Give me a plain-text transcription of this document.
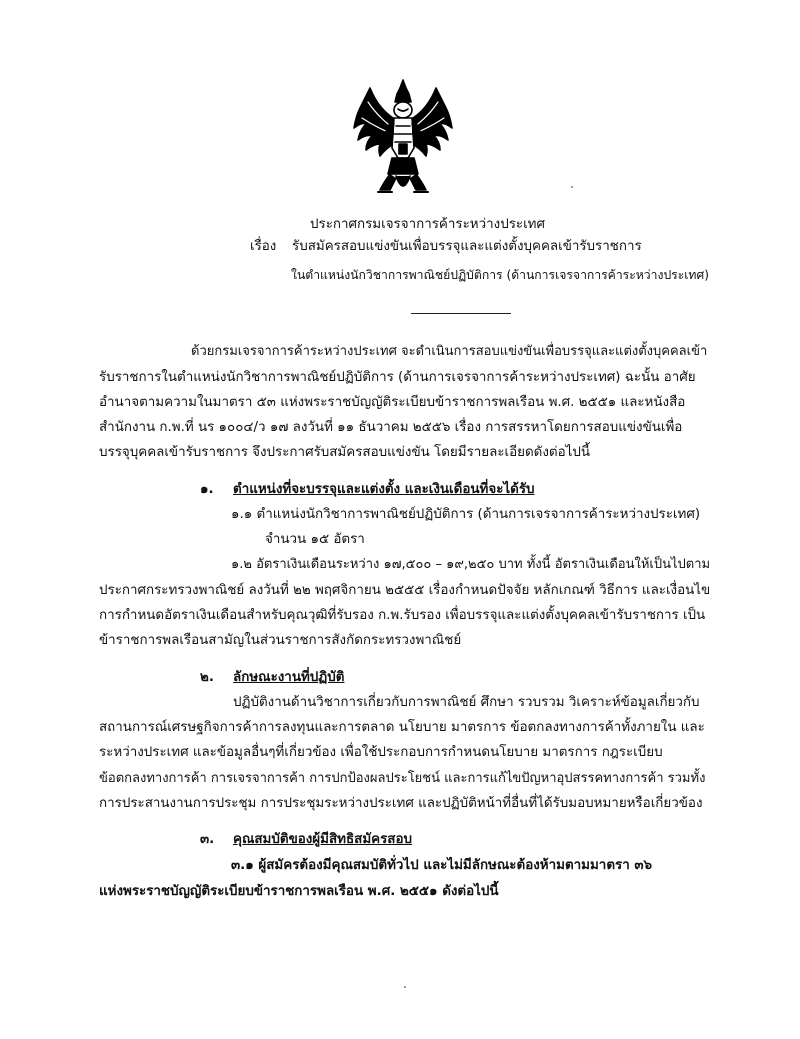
ประกาศกรมเจรจาการค้าระหว่างประเทศ
เรื่อง รับสมัครสอบแข่งขันเพื่อบรรจุและแต่งตั้งบุคคลเข้ารับราชการ
ในตำแหน่งนักวิชาการพาณิชย์ปฏิบัติการ (ด้านการเจรจาการค้าระหว่างประเทศ)
ด้วยกรมเจรจาการค้าระหว่างประเทศ จะดำเนินการสอบแข่งขันเพื่อบรรจุและแต่งตั้งบุคคลเข้า
รับราชการในตำแหน่งนักวิชาการพาณิชย์ปฏิบัติการ (ด้านการเจรจาการค้าระหว่างประเทศ) ฉะนั้น อาศัย
อำนาจตามความในมาตรา ๕๓ แห่งพระราชบัญญัติระเบียบข้าราชการพลเรือน พ.ศ. ๒๕๕๑ และหนังสือ
สำนักงาน ก.พ.ที่ นร ๑๐๐๔/ว ๑๗ ลงวันที่ ๑๑ ธันวาคม ๒๕๕๖ เรื่อง การสรรหาโดยการสอบแข่งขันเพื่อ
บรรจุบุคคลเข้ารับราชการ จึงประกาศรับสมัครสอบแข่งขัน โดยมีรายละเอียดดังต่อไปนี้
๑. ตำแหน่งที่จะบรรจุและแต่งตั้ง และเงินเดือนที่จะได้รับ
๑.๑ ตำแหน่งนักวิชาการพาณิชย์ปฏิบัติการ (ด้านการเจรจาการค้าระหว่างประเทศ)
จำนวน ๑๕ อัตรา
๑.๒ อัตราเงินเดือนระหว่าง ๑๗,๕๐๐ – ๑๙,๒๕๐ บาท ทั้งนี้ อัตราเงินเดือนให้เป็นไปตาม
ประกาศกระทรวงพาณิชย์ ลงวันที่ ๒๒ พฤศจิกายน ๒๕๕๕ เรื่องกำหนดปัจจัย หลักเกณฑ์ วิธีการ และเงื่อนไข
การกำหนดอัตราเงินเดือนสำหรับคุณวุฒิที่รับรอง ก.พ.รับรอง เพื่อบรรจุและแต่งตั้งบุคคลเข้ารับราชการ เป็น
ข้าราชการพลเรือนสามัญในส่วนราชการสังกัดกระทรวงพาณิชย์
๒. ลักษณะงานที่ปฏิบัติ
ปฏิบัติงานด้านวิชาการเกี่ยวกับการพาณิชย์ ศึกษา รวบรวม วิเคราะห์ข้อมูลเกี่ยวกับ
สถานการณ์เศรษฐกิจการค้าการลงทุนและการตลาด นโยบาย มาตรการ ข้อตกลงทางการค้าทั้งภายใน และ
ระหว่างประเทศ และข้อมูลอื่นๆที่เกี่ยวข้อง เพื่อใช้ประกอบการกำหนดนโยบาย มาตรการ กฎระเบียบ
ข้อตกลงทางการค้า การเจรจาการค้า การปกป้องผลประโยชน์ และการแก้ไขปัญหาอุปสรรคทางการค้า รวมทั้ง
การประสานงานการประชุม การประชุมระหว่างประเทศ และปฏิบัติหน้าที่อื่นที่ได้รับมอบหมายหรือเกี่ยวข้อง
๓. คุณสมบัติของผู้มีสิทธิสมัครสอบ
๓.๑ ผู้สมัครต้องมีคุณสมบัติทั่วไป และไม่มีลักษณะต้องห้ามตามมาตรา ๓๖
แห่งพระราชบัญญัติระเบียบข้าราชการพลเรือน พ.ศ. ๒๕๕๑ ดังต่อไปนี้
